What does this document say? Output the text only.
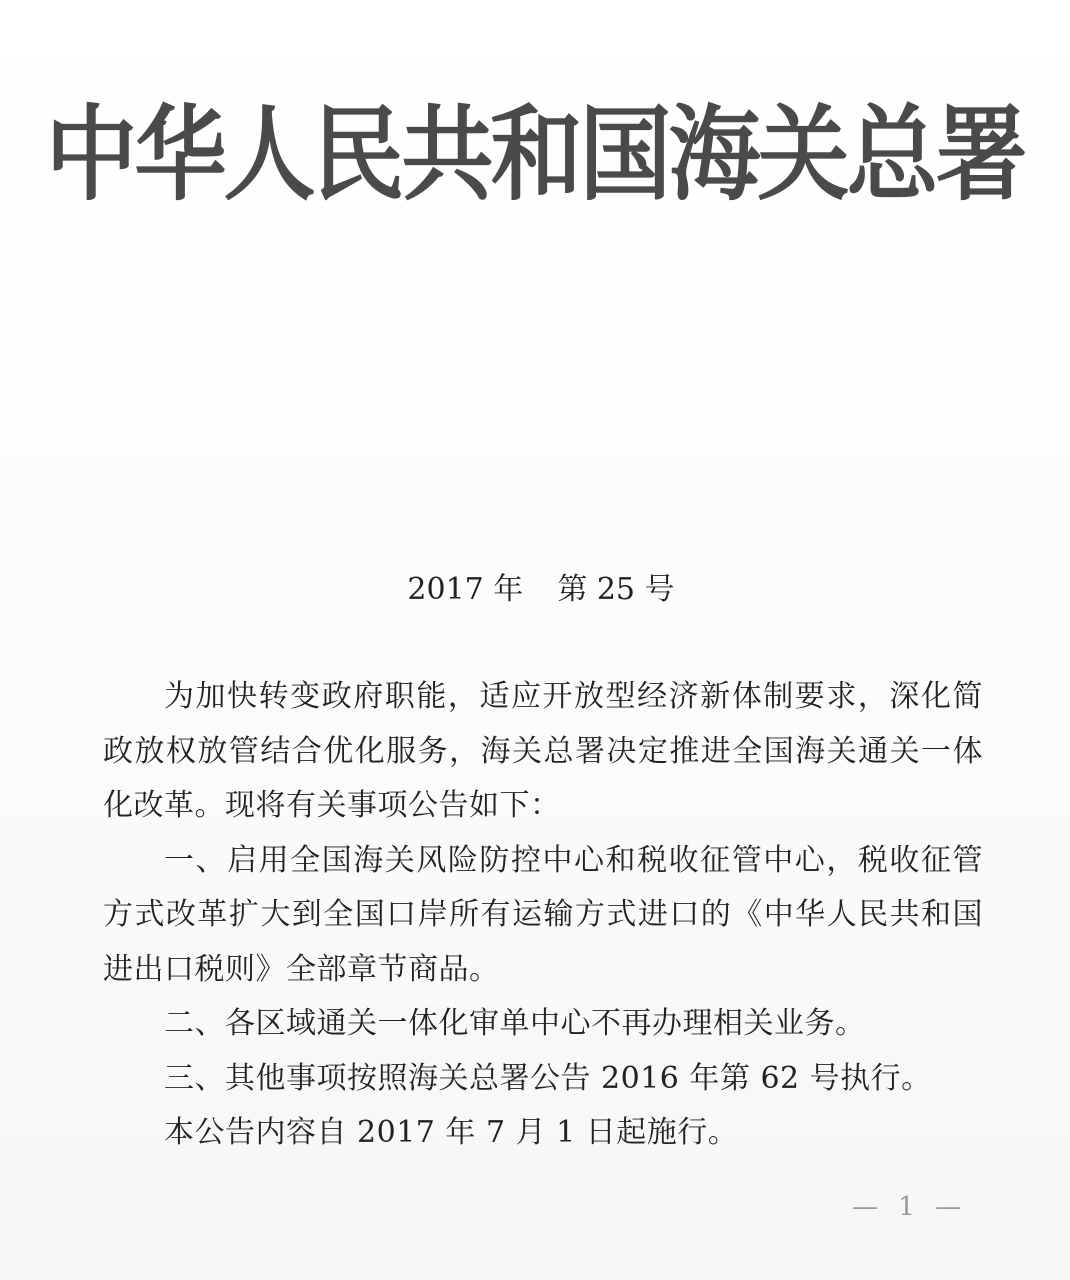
中华人民共和国海关总署
2017 年 第 25 号

为加快转变政府职能，适应开放型经济新体制要求，深化简政放权放管结合优化服务，海关总署决定推进全国海关通关一体化改革。现将有关事项公告如下：

一、启用全国海关风险防控中心和税收征管中心，税收征管方式改革扩大到全国口岸所有运输方式进口的《中华人民共和国进出口税则》全部章节商品。

二、各区域通关一体化审单中心不再办理相关业务。

三、其他事项按照海关总署公告 2016 年第 62 号执行。

本公告内容自 2017 年 7 月 1 日起施行。

— 1 —
